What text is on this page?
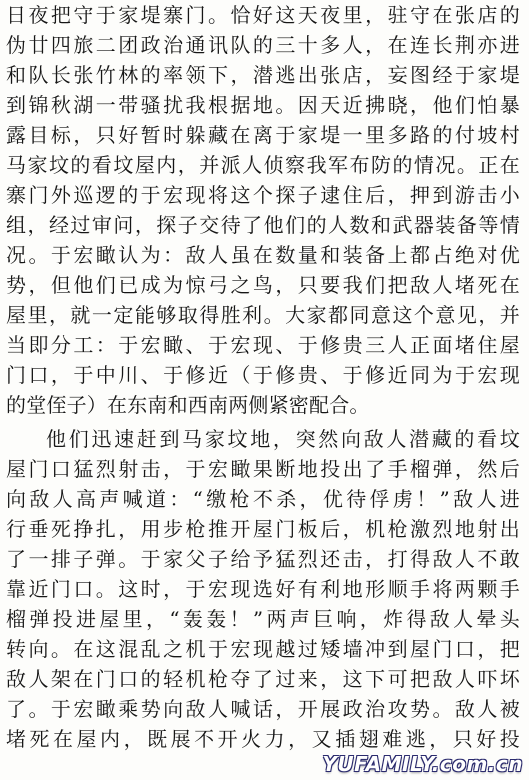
日夜把守于家堤寨门。恰好这天夜里，驻守在张店的
伪廿四旅二团政治通讯队的三十多人，在连长荆亦进
和队长张竹林的率领下，潜逃出张店，妄图经于家堤
到锦秋湖一带骚扰我根据地。因天近拂晓，他们怕暴
露目标，只好暂时躲藏在离于家堤一里多路的付坡村
马家坟的看坟屋内，并派人侦察我军布防的情况。正在
寨门外巡逻的于宏现将这个探子逮住后，押到游击小
组，经过审问，探子交待了他们的人数和武器装备等情
况。于宏瞰认为：敌人虽在数量和装备上都占绝对优
势，但他们已成为惊弓之鸟，只要我们把敌人堵死在
屋里，就一定能够取得胜利。大家都同意这个意见，并
当即分工：于宏瞰、于宏现、于修贵三人正面堵住屋
门口，于中川、于修近（于修贵、于修近同为于宏现
的堂侄子）在东南和西南两侧紧密配合。
他们迅速赶到马家坟地，突然向敌人潜藏的看坟
屋门口猛烈射击，于宏瞰果断地投出了手榴弹，然后
向敌人高声喊道：“缴枪不杀，优待俘虏！”敌人进
行垂死挣扎，用步枪推开屋门板后，机枪激烈地射出
了一排子弹。于家父子给予猛烈还击，打得敌人不敢
靠近门口。这时，于宏现选好有利地形顺手将两颗手
榴弹投进屋里，“轰轰！”两声巨响，炸得敌人晕头
转向。在这混乱之机于宏现越过矮墙冲到屋门口，把
敌人架在门口的轻机枪夺了过来，这下可把敌人吓坏
了。于宏瞰乘势向敌人喊话，开展政治攻势。敌人被
堵死在屋内，既展不开火力，又插翅难逃，只好投
YUFAMILY.com.cn
